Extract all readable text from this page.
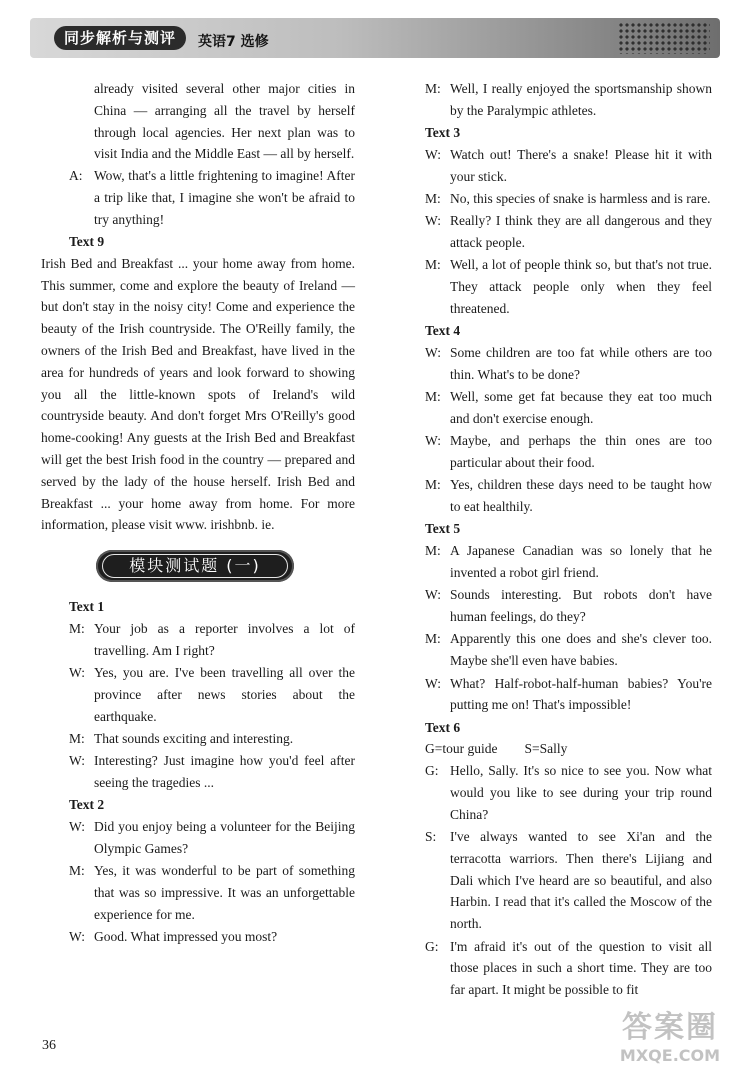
同步解析与测评	英语7 选修
already visited several other major cities in China — arranging all the travel by herself through local agencies. Her next plan was to visit India and the Middle East — all by herself.
A: Wow, that's a little frightening to imagine! After a trip like that, I imagine she won't be afraid to try anything!

Text 9

Irish Bed and Breakfast ... your home away from home. This summer, come and explore the beauty of Ireland — but don't stay in the noisy city! Come and experience the beauty of the Irish countryside. The O'Reilly family, the owners of the Irish Bed and Breakfast, have lived in the area for hundreds of years and look forward to showing you all the little-known spots of Ireland's wild countryside beauty. And don't forget Mrs O'Reilly's good home-cooking! Any guests at the Irish Bed and Breakfast will get the best Irish food in the country — prepared and served by the lady of the house herself. Irish Bed and Breakfast ... your home away from home. For more information, please visit www. irishbnb. ie.

模块测试题 (一)

Text 1

M: Your job as a reporter involves a lot of travelling. Am I right?
W: Yes, you are. I've been travelling all over the province after news stories about the earthquake.
M: That sounds exciting and interesting.
W: Interesting? Just imagine how you'd feel after seeing the tragedies ...

Text 2

W: Did you enjoy being a volunteer for the Beijing Olympic Games?
M: Yes, it was wonderful to be part of something that was so impressive. It was an unforgettable experience for me.
W: Good. What impressed you most?
M: Well, I really enjoyed the sportsmanship shown by the Paralympic athletes.

Text 3

W: Watch out! There's a snake! Please hit it with your stick.
M: No, this species of snake is harmless and is rare.
W: Really? I think they are all dangerous and they attack people.
M: Well, a lot of people think so, but that's not true. They attack people only when they feel threatened.

Text 4

W: Some children are too fat while others are too thin. What's to be done?
M: Well, some get fat because they eat too much and don't exercise enough.
W: Maybe, and perhaps the thin ones are too particular about their food.
M: Yes, children these days need to be taught how to eat healthily.

Text 5

M: A Japanese Canadian was so lonely that he invented a robot girl friend.
W: Sounds interesting. But robots don't have human feelings, do they?
M: Apparently this one does and she's clever too. Maybe she'll even have babies.
W: What? Half-robot-half-human babies? You're putting me on! That's impossible!

Text 6

G=tour guide        S=Sally

G: Hello, Sally. It's so nice to see you. Now what would you like to see during your trip round China?
S:	I've always wanted to see Xi'an and the terracotta warriors. Then there's Lijiang and Dali which I've heard are so beautiful, and also Harbin. I read that it's called the Moscow of the north.
G: I'm afraid it's out of the question to visit all those places in such a short time. They are too far apart. It might be possible to fit
36
答案圈
MXQE.COM
